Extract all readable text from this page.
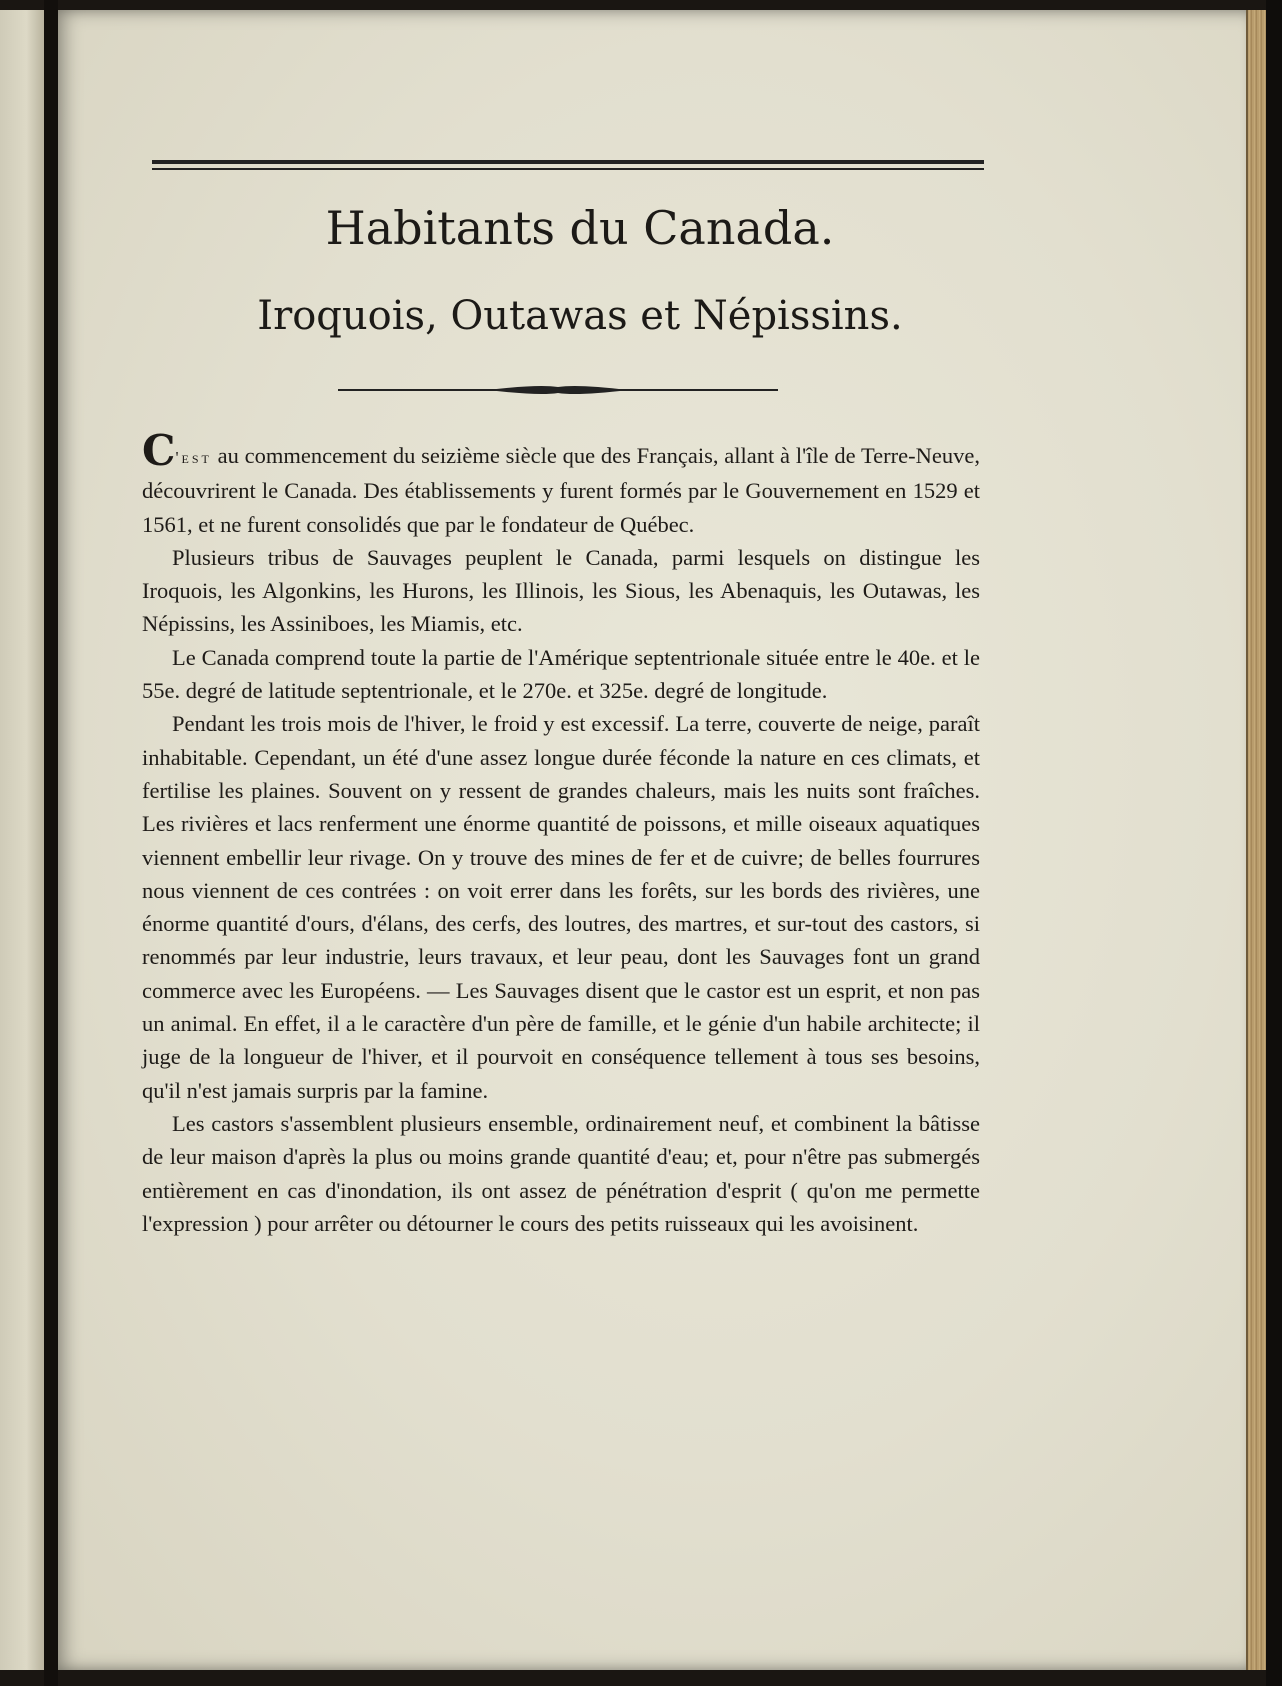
Habitants du Canada.
Iroquois, Outawas et Népissins.

C'est au commencement du seizième siècle que des Français, allant à l'île de Terre-Neuve, découvrirent le Canada. Des établissements y furent formés par le Gouvernement en 1529 et 1561, et ne furent consolidés que par le fondateur de Québec.

Plusieurs tribus de Sauvages peuplent le Canada, parmi lesquels on distingue les Iroquois, les Algonkins, les Hurons, les Illinois, les Sious, les Abenaquis, les Outawas, les Népissins, les Assiniboes, les Miamis, etc.

Le Canada comprend toute la partie de l'Amérique septentrionale située entre le 40e. et le 55e. degré de latitude septentrionale, et le 270e. et 325e. degré de longitude.

Pendant les trois mois de l'hiver, le froid y est excessif. La terre, couverte de neige, paraît inhabitable. Cependant, un été d'une assez longue durée féconde la nature en ces climats, et fertilise les plaines. Souvent on y ressent de grandes chaleurs, mais les nuits sont fraîches. Les rivières et lacs renferment une énorme quantité de poissons, et mille oiseaux aquatiques viennent embellir leur rivage. On y trouve des mines de fer et de cuivre; de belles fourrures nous viennent de ces contrées : on voit errer dans les forêts, sur les bords des rivières, une énorme quantité d'ours, d'élans, des cerfs, des loutres, des martres, et sur-tout des castors, si renommés par leur industrie, leurs travaux, et leur peau, dont les Sauvages font un grand commerce avec les Européens. — Les Sauvages disent que le castor est un esprit, et non pas un animal. En effet, il a le caractère d'un père de famille, et le génie d'un habile architecte; il juge de la longueur de l'hiver, et il pourvoit en conséquence tellement à tous ses besoins, qu'il n'est jamais surpris par la famine.

Les castors s'assemblent plusieurs ensemble, ordinairement neuf, et combinent la bâtisse de leur maison d'après la plus ou moins grande quantité d'eau; et, pour n'être pas submergés entièrement en cas d'inondation, ils ont assez de pénétration d'esprit ( qu'on me permette l'expression ) pour arrêter ou détourner le cours des petits ruisseaux qui les avoisinent.
